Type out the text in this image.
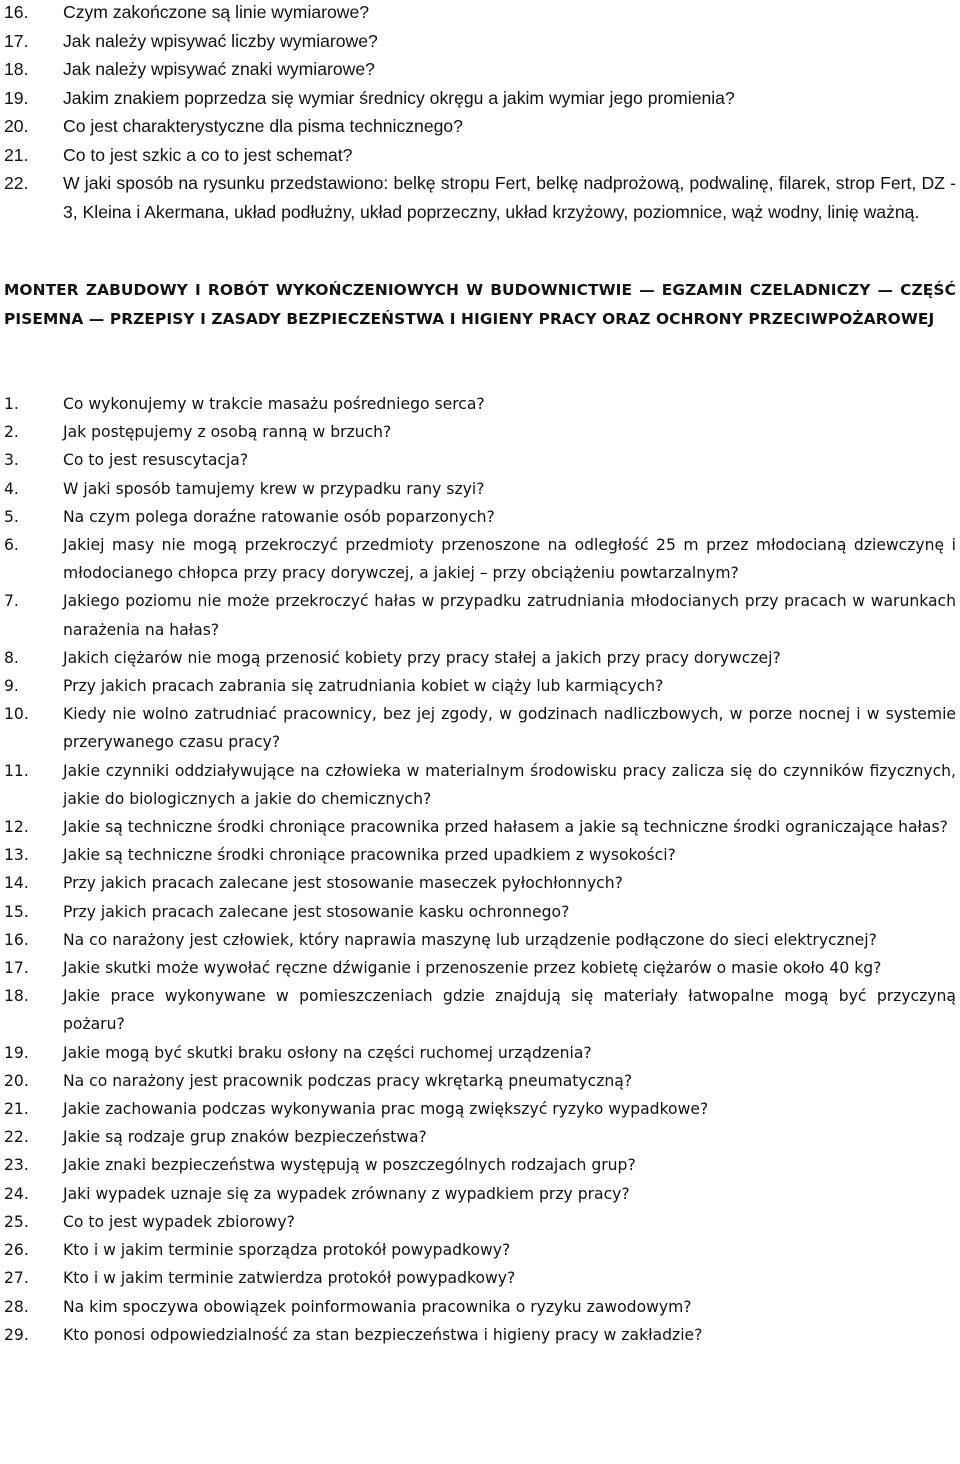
16. Czym zakończone są linie wymiarowe?
17. Jak należy wpisywać liczby wymiarowe?
18. Jak należy wpisywać znaki wymiarowe?
19. Jakim znakiem poprzedza się wymiar średnicy okręgu a jakim wymiar jego promienia?
20. Co jest charakterystyczne dla pisma technicznego?
21. Co to jest szkic a co to jest schemat?
22. W jaki sposób na rysunku przedstawiono: belkę stropu Fert, belkę nadprożową, podwalinę, filarek, strop Fert, DZ - 3, Kleina i Akermana, układ podłużny, układ poprzeczny, układ krzyżowy, poziomnice, wąż wodny, linię ważną.
MONTER ZABUDOWY I ROBÓT WYKOŃCZENIOWYCH W BUDOWNICTWIE — EGZAMIN CZELADNICZY — CZĘŚĆ PISEMNA — PRZEPISY I ZASADY BEZPIECZEŃSTWA I HIGIENY PRACY ORAZ OCHRONY PRZECIWPOŻAROWEJ
1.	Co wykonujemy w trakcie masażu pośredniego serca?
2.	Jak postępujemy z osobą ranną w brzuch?
3.	Co to jest resuscytacja?
4.	W jaki sposób tamujemy krew w przypadku rany szyi?
5.	Na czym polega doraźne ratowanie osób poparzonych?
6.	Jakiej masy nie mogą przekroczyć przedmioty przenoszone na odległość 25 m przez młodocianą dziewczynę i młodocianego chłopca przy pracy dorywczej, a jakiej – przy obciążeniu powtarzalnym?
7.	Jakiego poziomu nie może przekroczyć hałas w przypadku zatrudniania młodocianych przy pracach w warunkach narażenia na hałas?
8.	Jakich ciężarów nie mogą przenosić kobiety przy pracy stałej a jakich przy pracy dorywczej?
9.	Przy jakich pracach zabrania się zatrudniania kobiet w ciąży lub karmiących?
10. Kiedy nie wolno zatrudniać pracownicy, bez jej zgody, w godzinach nadliczbowych, w porze nocnej i w systemie przerywanego czasu pracy?
11. Jakie czynniki oddziaływujące na człowieka w materialnym środowisku pracy zalicza się do czynników fizycznych, jakie do biologicznych a jakie do chemicznych?
12. Jakie są techniczne środki chroniące pracownika przed hałasem a jakie są techniczne środki ograniczające hałas?
13. Jakie są techniczne środki chroniące pracownika przed upadkiem z wysokości?
14. Przy jakich pracach zalecane jest stosowanie maseczek pyłochłonnych?
15. Przy jakich pracach zalecane jest stosowanie kasku ochronnego?
16. Na co narażony jest człowiek, który naprawia maszynę lub urządzenie podłączone do sieci elektrycznej?
17. Jakie skutki może wywołać ręczne dźwiganie i przenoszenie przez kobietę ciężarów o masie około 40 kg?
18. Jakie prace wykonywane w pomieszczeniach gdzie znajdują się materiały łatwopalne mogą być przyczyną pożaru?
19. Jakie mogą być skutki braku osłony na części ruchomej urządzenia?
20. Na co narażony jest pracownik podczas pracy wkrętarką pneumatyczną?
21. Jakie zachowania podczas wykonywania prac mogą zwiększyć ryzyko wypadkowe?
22. Jakie są rodzaje grup znaków bezpieczeństwa?
23. Jakie znaki bezpieczeństwa występują w poszczególnych rodzajach grup?
24. Jaki wypadek uznaje się za wypadek zrównany z wypadkiem przy pracy?
25. Co to jest wypadek zbiorowy?
26. Kto i w jakim terminie sporządza protokół powypadkowy?
27. Kto i w jakim terminie zatwierdza protokół powypadkowy?
28. Na kim spoczywa obowiązek poinformowania pracownika o ryzyku zawodowym?
29. Kto ponosi odpowiedzialność za stan bezpieczeństwa i higieny pracy w zakładzie?
